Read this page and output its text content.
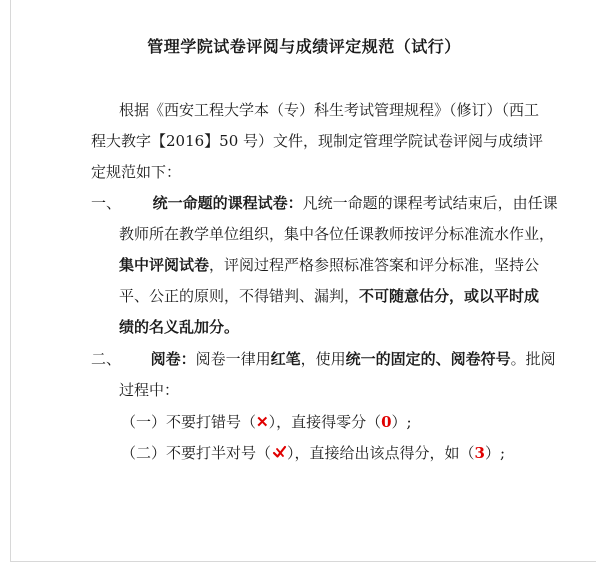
管理学院试卷评阅与成绩评定规范（试行）
根据《西安工程大学本（专）科生考试管理规程》（修订）（西工
程大教字【2016】50 号）文件，现制定管理学院试卷评阅与成绩评
定规范如下：
一、 统一命题的课程试卷：凡统一命题的课程考试结束后，由任课
教师所在教学单位组织，集中各位任课教师按评分标准流水作业，
集中评阅试卷，评阅过程严格参照标准答案和评分标准，坚持公
平、公正的原则，不得错判、漏判，不可随意估分，或以平时成
绩的名义乱加分。
二、 阅卷：阅卷一律用红笔，使用统一的固定的、阅卷符号。批阅
过程中：
（一）不要打错号（✕），直接得零分（0）;
（二）不要打半对号（ ），直接给出该点得分，如（3）;
